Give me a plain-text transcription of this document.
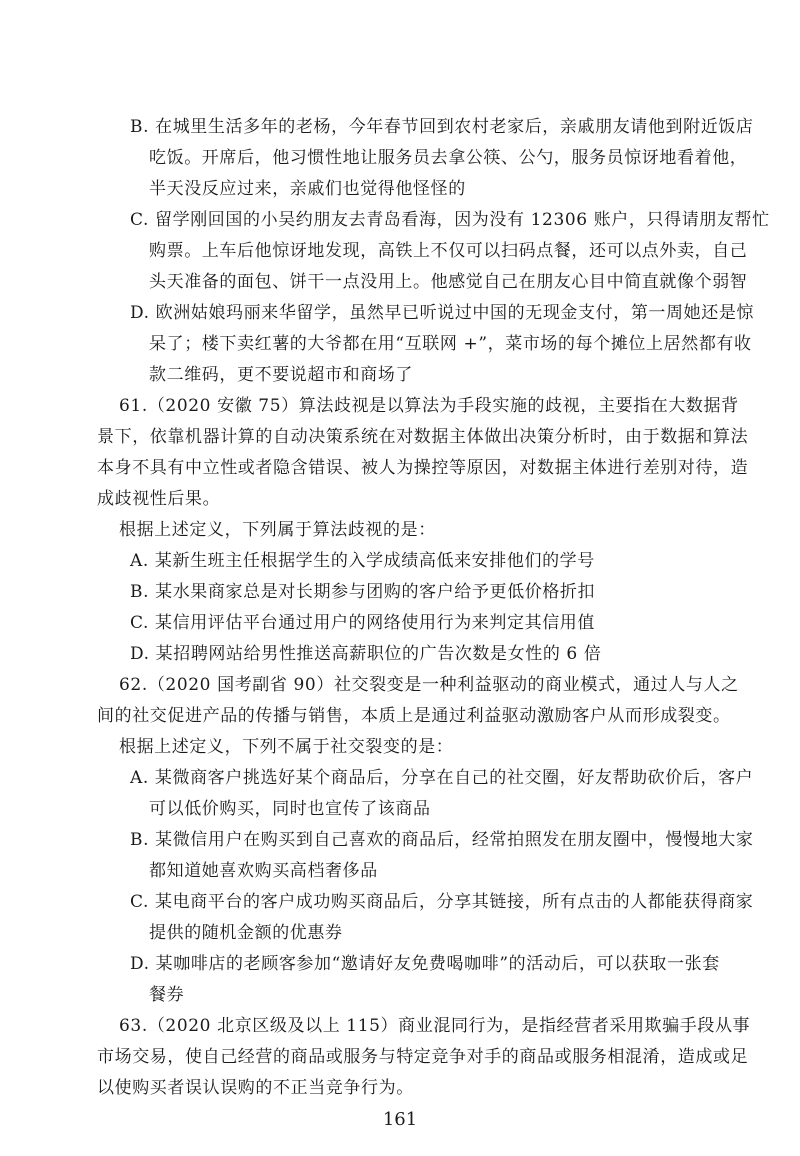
B. 在城里生活多年的老杨，今年春节回到农村老家后，亲戚朋友请他到附近饭店
吃饭。开席后，他习惯性地让服务员去拿公筷、公勺，服务员惊讶地看着他，
半天没反应过来，亲戚们也觉得他怪怪的
C. 留学刚回国的小吴约朋友去青岛看海，因为没有 12306 账户，只得请朋友帮忙
购票。上车后他惊讶地发现，高铁上不仅可以扫码点餐，还可以点外卖，自己
头天准备的面包、饼干一点没用上。他感觉自己在朋友心目中简直就像个弱智
D. 欧洲姑娘玛丽来华留学，虽然早已听说过中国的无现金支付，第一周她还是惊
呆了；楼下卖红薯的大爷都在用“互联网 +”，菜市场的每个摊位上居然都有收
款二维码，更不要说超市和商场了
61.（2020 安徽 75）算法歧视是以算法为手段实施的歧视，主要指在大数据背
景下，依靠机器计算的自动决策系统在对数据主体做出决策分析时，由于数据和算法
本身不具有中立性或者隐含错误、被人为操控等原因，对数据主体进行差别对待，造
成歧视性后果。
根据上述定义，下列属于算法歧视的是：
A. 某新生班主任根据学生的入学成绩高低来安排他们的学号
B. 某水果商家总是对长期参与团购的客户给予更低价格折扣
C. 某信用评估平台通过用户的网络使用行为来判定其信用值
D. 某招聘网站给男性推送高薪职位的广告次数是女性的 6 倍
62.（2020 国考副省 90）社交裂变是一种利益驱动的商业模式，通过人与人之
间的社交促进产品的传播与销售，本质上是通过利益驱动激励客户从而形成裂变。
根据上述定义，下列不属于社交裂变的是：
A. 某微商客户挑选好某个商品后，分享在自己的社交圈，好友帮助砍价后，客户
可以低价购买，同时也宣传了该商品
B. 某微信用户在购买到自己喜欢的商品后，经常拍照发在朋友圈中，慢慢地大家
都知道她喜欢购买高档奢侈品
C. 某电商平台的客户成功购买商品后，分享其链接，所有点击的人都能获得商家
提供的随机金额的优惠券
D. 某咖啡店的老顾客参加“邀请好友免费喝咖啡”的活动后，可以获取一张套
餐券
63.（2020 北京区级及以上 115）商业混同行为，是指经营者采用欺骗手段从事
市场交易，使自己经营的商品或服务与特定竞争对手的商品或服务相混淆，造成或足
以使购买者误认误购的不正当竞争行为。
161
